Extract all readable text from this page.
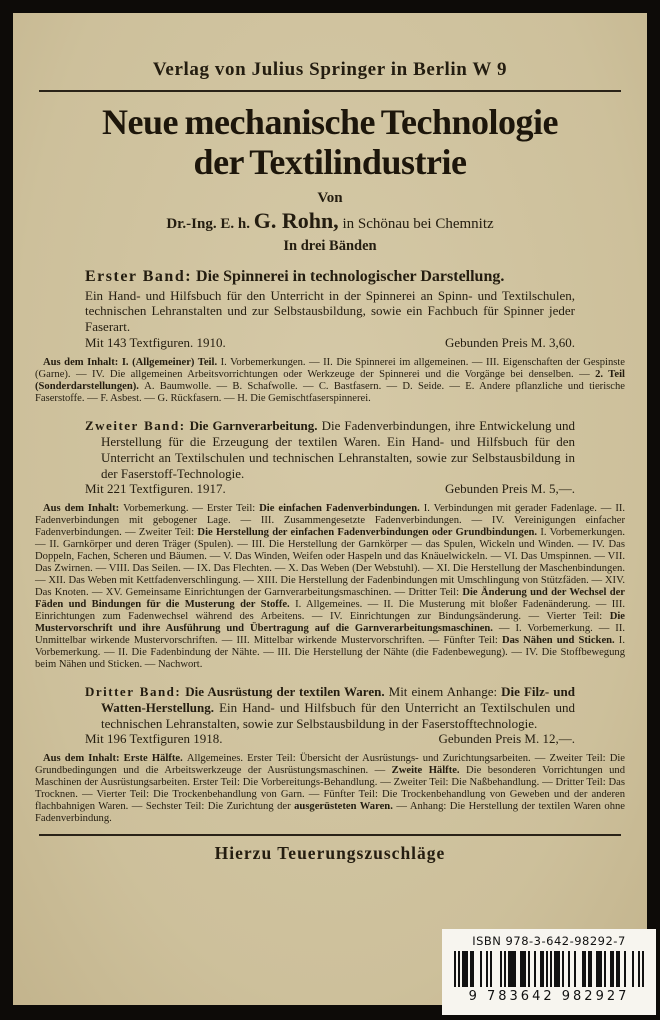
Verlag von Julius Springer in Berlin W 9
Neue mechanische Technologie
der Textilindustrie
Von
Dr.-Ing. E. h. G. Rohn, in Schönau bei Chemnitz
In drei Bänden
Erster Band: Die Spinnerei in technologischer Darstellung.

Ein Hand- und Hilfsbuch für den Unterricht in der Spinnerei an Spinn- und Textilschulen, technischen Lehranstalten und zur Selbstausbildung, sowie ein Fachbuch für Spinner jeder Faserart.

Mit 143 Textfiguren. 1910.	Gebunden Preis M. 3,60.

Aus dem Inhalt: I. (Allgemeiner) Teil. I. Vorbemerkungen. — II. Die Spinnerei im allgemeinen. — III. Eigenschaften der Gespinste (Garne). — IV. Die allgemeinen Arbeitsvorrichtungen oder Werkzeuge der Spinnerei und die Vorgänge bei denselben. — 2. Teil (Sonderdarstellungen). A. Baumwolle. — B. Schafwolle. — C. Bastfasern. — D. Seide. — E. Andere pflanzliche und tierische Faserstoffe. — F. Asbest. — G. Rückfasern. — H. Die Gemischtfaserspinnerei.

Zweiter Band: Die Garnverarbeitung. Die Fadenverbindungen, ihre Entwickelung und Herstellung für die Erzeugung der textilen Waren. Ein Hand- und Hilfsbuch für den Unterricht an Textilschulen und technischen Lehranstalten, sowie zur Selbstausbildung in der Faserstoff-Technologie.

Mit 221 Textfiguren. 1917.	Gebunden Preis M. 5,—.

Aus dem Inhalt: Vorbemerkung. — Erster Teil: Die einfachen Fadenverbindungen. I. Verbindungen mit gerader Fadenlage. — II. Fadenverbindungen mit gebogener Lage. — III. Zusammengesetzte Fadenverbindungen. — IV. Vereinigungen einfacher Fadenverbindungen. — Zweiter Teil: Die Herstellung der einfachen Fadenverbindungen oder Grundbindungen. I. Vorbemerkungen. — II. Garnkörper und deren Träger (Spulen). — III. Die Herstellung der Garnkörper — das Spulen, Wickeln und Winden. — IV. Das Doppeln, Fachen, Scheren und Bäumen. — V. Das Winden, Weifen oder Haspeln und das Knäuelwickeln. — VI. Das Umspinnen. — VII. Das Zwirnen. — VIII. Das Seilen. — IX. Das Flechten. — X. Das Weben (Der Webstuhl). — XI. Die Herstellung der Maschenbindungen. — XII. Das Weben mit Kettfadenverschlingung. — XIII. Die Herstellung der Fadenbindungen mit Umschlingung von Stützfäden. — XIV. Das Knoten. — XV. Gemeinsame Einrichtungen der Garnverarbeitungsmaschinen. — Dritter Teil: Die Änderung und der Wechsel der Fäden und Bindungen für die Musterung der Stoffe. I. Allgemeines. — II. Die Musterung mit bloßer Fadenänderung. — III. Einrichtungen zum Fadenwechsel während des Arbeitens. — IV. Einrichtungen zur Bindungsänderung. — Vierter Teil: Die Mustervorschrift und ihre Ausführung und Übertragung auf die Garnverarbeitungsmaschinen. — I. Vorbemerkung. — II. Unmittelbar wirkende Mustervorschriften. — III. Mittelbar wirkende Mustervorschriften. — Fünfter Teil: Das Nähen und Sticken. I. Vorbemerkung. — II. Die Fadenbindung der Nähte. — III. Die Herstellung der Nähte (die Fadenbewegung). — IV. Die Stoffbewegung beim Nähen und Sticken. — Nachwort.

Dritter Band: Die Ausrüstung der textilen Waren. Mit einem Anhange: Die Filz- und Watten-Herstellung. Ein Hand- und Hilfsbuch für den Unterricht an Textilschulen und technischen Lehranstalten, sowie zur Selbstausbildung in der Faserstofftechnologie.

Mit 196 Textfiguren 1918.	Gebunden Preis M. 12,—.

Aus dem Inhalt: Erste Hälfte. Allgemeines. Erster Teil: Übersicht der Ausrüstungs- und Zurichtungsarbeiten. — Zweiter Teil: Die Grundbedingungen und die Arbeitswerkzeuge der Ausrüstungsmaschinen. — Zweite Hälfte. Die besonderen Vorrichtungen und Maschinen der Ausrüstungsarbeiten. Erster Teil: Die Vorbereitungs-Behandlung. — Zweiter Teil: Die Naßbehandlung. — Dritter Teil: Das Trocknen. — Vierter Teil: Die Trockenbehandlung von Garn. — Fünfter Teil: Die Trockenbehandlung von Geweben und der anderen flachbahnigen Waren. — Sechster Teil: Die Zurichtung der ausgerüsteten Waren. — Anhang: Die Herstellung der textilen Waren ohne Fadenverbindung.

Hierzu Teuerungszuschläge
ISBN 978-3-642-98292-7
9 783642 982927
